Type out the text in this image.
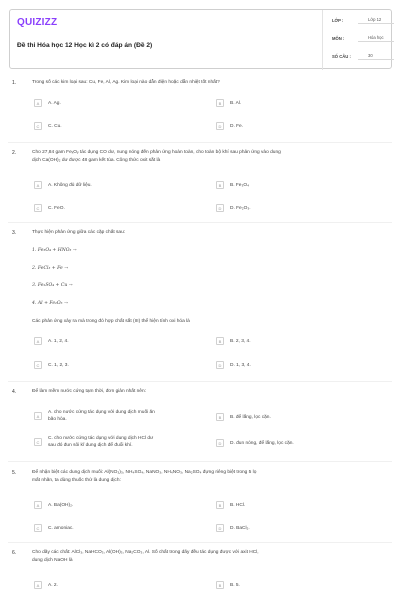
QUIZIZZ
Đề thi Hóa học 12 Học kì 2 có đáp án (Đề 2)
LỚP :	Lớp 12
MÔN :	Hóa học
SỐ CÂU :	30
1.	Trong số các kim loại sau: Cu, Fe, Al, Ag. Kim loại nào dẫn điện hoặc dẫn nhiệt tốt nhất?
A	A. Ag.	B	B. Al.
C	C. Cu.	D	D. Fe.
2.	Cho 27,84 gam FeₓOᵧ tác dụng CO dư, nung nóng đến phản ứng hoàn toàn, cho toàn bộ khí sau phản ứng vào dung
dịch Ca(OH)₂ dư được 48 gam kết tủa. Công thức oxit sắt là
A	A. Không đủ dữ liệu.	B	B. Fe₃O₄
C	C. FeO.	D	D. Fe₂O₃.
3.	Thực hiện phản ứng giữa các cặp chất sau:
1. Fe₃O₄ + HNO₃ →
2. FeCl₃ + Fe →
3. Fe₂SO₄ + Cu →
4. Al + Fe₂O₃ →
Các phản ứng xảy ra mà trong đó hợp chất sắt (III) thể hiện tính oxi hóa là
A	A. 1, 2, 4.	B	B. 2, 3, 4.
C	C. 1, 2, 3.	D	D. 1, 3, 4.
4.	Để làm mềm nước cứng tạm thời, đơn giản nhất nên:
A
A. cho nước cứng tác dụng với dung dịch muối ăn
bão hòa.	B	B. để lắng, lọc cặn.
C
C. cho nước cứng tác dụng với dung dịch HCl dư
sau đó đun sôi kĩ dung dịch để đuổi khí.	D	D. đun nóng, để lắng, lọc cặn.
5.	Để nhận biệt các dung dịch muối: Al(NO₃)₃, NH₄SO₄, NaNO₃, NH₄NO₃, Na₂SO₄ đựng riêng biệt trong 5 lọ
mất nhãn, ta dùng thuốc thử là dung dịch:
A	A. Ba(OH)₂.	B	B. HCl.
C	C. amoniac.	D	D. BaCl₂.
6.	Cho dãy các chất: AlCl₃, NaHCO₃, Al(OH)₃, Na₂CO₃, Al. Số chất trong dãy đều tác dụng được với axit HCl,
dung dịch NaOH là
A	A. 2.	B	B. 5.
